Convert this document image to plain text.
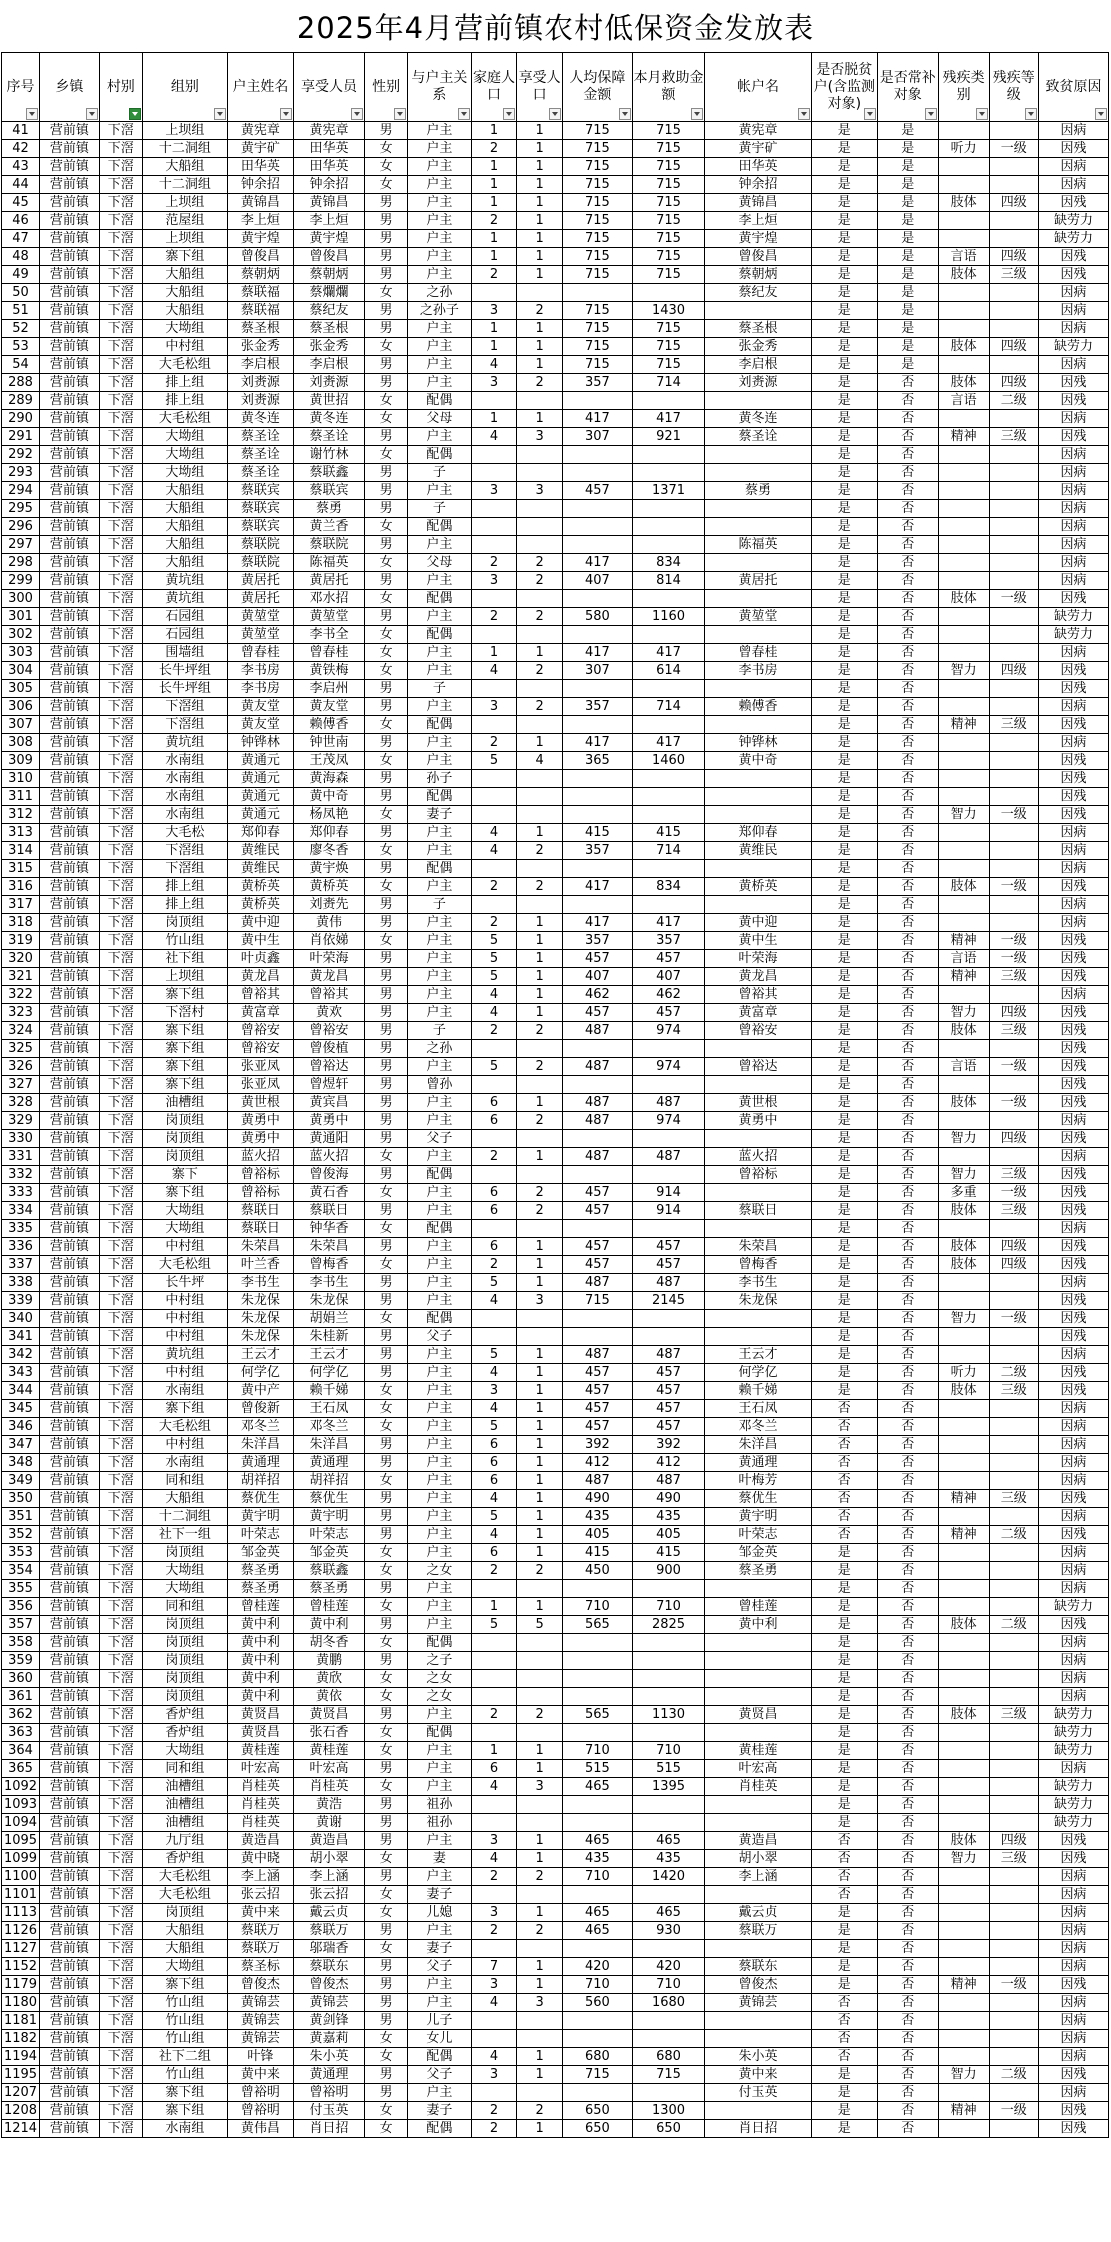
2025年4月营前镇农村低保资金发放表
序号	乡镇	村别	组别	户主姓名	享受人员	性别	与户主关系	家庭人口	享受人口	人均保障金额	本月救助金额	帐户名	是否脱贫户(含监测对象)	是否常补对象	残疾类别	残疾等级	致贫原因

41	营前镇	下滘	上坝组	黄宪章	黄宪章	男	户主	1	1	715	715	黄宪章	是	是			因病
42	营前镇	下滘	十二洞组	黄宇矿	田华英	女	户主	2	1	715	715	黄宇矿	是	是	听力	一级	因残
43	营前镇	下滘	大船组	田华英	田华英	女	户主	1	1	715	715	田华英	是	是			因病
44	营前镇	下滘	十二洞组	钟余招	钟余招	女	户主	1	1	715	715	钟余招	是	是			因病
45	营前镇	下滘	上坝组	黄锦昌	黄锦昌	男	户主	1	1	715	715	黄锦昌	是	是	肢体	四级	因残
46	营前镇	下滘	范屋组	李上烜	李上烜	男	户主	2	1	715	715	李上烜	是	是			缺劳力
47	营前镇	下滘	上坝组	黄宇煌	黄宇煌	男	户主	1	1	715	715	黄宇煌	是	是			缺劳力
48	营前镇	下滘	寨下组	曾俊昌	曾俊昌	男	户主	1	1	715	715	曾俊昌	是	是	言语	四级	因残
49	营前镇	下滘	大船组	蔡朝炳	蔡朝炳	男	户主	2	1	715	715	蔡朝炳	是	是	肢体	三级	因残
50	营前镇	下滘	大船组	蔡联福	蔡爛爛	女	之孙					蔡纪友	是	是			因病
51	营前镇	下滘	大船组	蔡联福	蔡纪友	男	之孙子	3	2	715	1430		是	是			因病
52	营前镇	下滘	大坳组	蔡圣根	蔡圣根	男	户主	1	1	715	715	蔡圣根	是	是			因病
53	营前镇	下滘	中村组	张金秀	张金秀	女	户主	1	1	715	715	张金秀	是	是	肢体	四级	缺劳力
54	营前镇	下滘	大毛松组	李启根	李启根	男	户主	4	1	715	715	李启根	是	是			因病
288	营前镇	下滘	排上组	刘赉源	刘赉源	男	户主	3	2	357	714	刘赉源	是	否	肢体	四级	因残
289	营前镇	下滘	排上组	刘赉源	黄世招	女	配偶						是	否	言语	二级	因残
290	营前镇	下滘	大毛松组	黄冬连	黄冬连	女	父母	1	1	417	417	黄冬连	是	否			因病
291	营前镇	下滘	大坳组	蔡圣诠	蔡圣诠	男	户主	4	3	307	921	蔡圣诠	是	否	精神	三级	因残
292	营前镇	下滘	大坳组	蔡圣诠	谢竹林	女	配偶						是	否			因病
293	营前镇	下滘	大坳组	蔡圣诠	蔡联鑫	男	子						是	否			因病
294	营前镇	下滘	大船组	蔡联宾	蔡联宾	男	户主	3	3	457	1371	蔡勇	是	否			因病
295	营前镇	下滘	大船组	蔡联宾	蔡勇	男	子						是	否			因病
296	营前镇	下滘	大船组	蔡联宾	黄兰香	女	配偶						是	否			因病
297	营前镇	下滘	大船组	蔡联院	蔡联院	男	户主					陈福英	是	否			因病
298	营前镇	下滘	大船组	蔡联院	陈福英	女	父母	2	2	417	834		是	否			因病
299	营前镇	下滘	黄坑组	黄居托	黄居托	男	户主	3	2	407	814	黄居托	是	否			因病
300	营前镇	下滘	黄坑组	黄居托	邓水招	女	配偶						是	否	肢体	一级	因残
301	营前镇	下滘	石园组	黄堃堂	黄堃堂	男	户主	2	2	580	1160	黄堃堂	是	否			缺劳力
302	营前镇	下滘	石园组	黄堃堂	李书全	女	配偶						是	否			缺劳力
303	营前镇	下滘	围墙组	曾春桂	曾春桂	女	户主	1	1	417	417	曾春桂	是	否			因病
304	营前镇	下滘	长牛坪组	李书房	黄铁梅	女	户主	4	2	307	614	李书房	是	否	智力	四级	因残
305	营前镇	下滘	长牛坪组	李书房	李启州	男	子						是	否			因残
306	营前镇	下滘	下滘组	黄友堂	黄友堂	男	户主	3	2	357	714	赖傅香	是	否			因病
307	营前镇	下滘	下滘组	黄友堂	赖傅香	女	配偶						是	否	精神	三级	因残
308	营前镇	下滘	黄坑组	钟铧林	钟世南	男	户主	2	1	417	417	钟铧林	是	否			因病
309	营前镇	下滘	水南组	黄通元	王茂凤	女	户主	5	4	365	1460	黄中奇	是	否			因残
310	营前镇	下滘	水南组	黄通元	黄海森	男	孙子						是	否			因残
311	营前镇	下滘	水南组	黄通元	黄中奇	男	配偶						是	否			因残
312	营前镇	下滘	水南组	黄通元	杨凤艳	女	妻子						是	否	智力	一级	因残
313	营前镇	下滘	大毛松	郑仰春	郑仰春	男	户主	4	1	415	415	郑仰春	是	否			因病
314	营前镇	下滘	下滘组	黄维民	廖冬香	女	户主	4	2	357	714	黄维民	是	否			因病
315	营前镇	下滘	下滘组	黄维民	黄宇焕	男	配偶						是	否			因病
316	营前镇	下滘	排上组	黄桥英	黄桥英	女	户主	2	2	417	834	黄桥英	是	否	肢体	一级	因残
317	营前镇	下滘	排上组	黄桥英	刘赉先	男	子						是	否			因病
318	营前镇	下滘	岗顶组	黄中迎	黄伟	男	户主	2	1	417	417	黄中迎	是	否			因病
319	营前镇	下滘	竹山组	黄中生	肖依娣	女	户主	5	1	357	357	黄中生	是	否	精神	一级	因残
320	营前镇	下滘	社下组	叶贞鑫	叶荣海	男	户主	5	1	457	457	叶荣海	是	否	言语	一级	因残
321	营前镇	下滘	上坝组	黄龙昌	黄龙昌	男	户主	5	1	407	407	黄龙昌	是	否	精神	三级	因残
322	营前镇	下滘	寨下组	曾裕其	曾裕其	男	户主	4	1	462	462	曾裕其	是	否			因病
323	营前镇	下滘	下滘村	黄富章	黄欢	男	户主	4	1	457	457	黄富章	是	否	智力	四级	因残
324	营前镇	下滘	寨下组	曾裕安	曾裕安	男	子	2	2	487	974	曾裕安	是	否	肢体	三级	因残
325	营前镇	下滘	寨下组	曾裕安	曾俊植	男	之孙						是	否			因残
326	营前镇	下滘	寨下组	张亚凤	曾裕达	男	户主	5	2	487	974	曾裕达	是	否	言语	一级	因残
327	营前镇	下滘	寨下组	张亚凤	曾煜轩	男	曾孙						是	否			因残
328	营前镇	下滘	油槽组	黄世根	黄宾昌	男	户主	6	1	487	487	黄世根	是	否	肢体	一级	因残
329	营前镇	下滘	岗顶组	黄勇中	黄勇中	男	户主	6	2	487	974	黄勇中	是	否			因病
330	营前镇	下滘	岗顶组	黄勇中	黄通阳	男	父子						是	否	智力	四级	因残
331	营前镇	下滘	岗顶组	蓝火招	蓝火招	女	户主	2	1	487	487	蓝火招	是	否			因病
332	营前镇	下滘	寨下	曾裕标	曾俊海	男	配偶					曾裕标	是	否	智力	三级	因残
333	营前镇	下滘	寨下组	曾裕标	黄石香	女	户主	6	2	457	914		是	否	多重	一级	因残
334	营前镇	下滘	大坳组	蔡联日	蔡联日	男	户主	6	2	457	914	蔡联日	是	否	肢体	三级	因残
335	营前镇	下滘	大坳组	蔡联日	钟华香	女	配偶						是	否			因病
336	营前镇	下滘	中村组	朱荣昌	朱荣昌	男	户主	6	1	457	457	朱荣昌	是	否	肢体	四级	因残
337	营前镇	下滘	大毛松组	叶兰香	曾梅香	女	户主	2	1	457	457	曾梅香	是	否	肢体	四级	因残
338	营前镇	下滘	长牛坪	李书生	李书生	男	户主	5	1	487	487	李书生	是	否			因病
339	营前镇	下滘	中村组	朱龙保	朱龙保	男	户主	4	3	715	2145	朱龙保	是	否			因残
340	营前镇	下滘	中村组	朱龙保	胡娟兰	女	配偶						是	否	智力	一级	因残
341	营前镇	下滘	中村组	朱龙保	朱桂新	男	父子						是	否			因残
342	营前镇	下滘	黄坑组	王云才	王云才	男	户主	5	1	487	487	王云才	是	否			因病
343	营前镇	下滘	中村组	何学亿	何学亿	男	户主	4	1	457	457	何学亿	是	否	听力	二级	因残
344	营前镇	下滘	水南组	黄中产	赖千娣	女	户主	3	1	457	457	赖千娣	是	否	肢体	三级	因残
345	营前镇	下滘	寨下组	曾俊新	王石凤	女	户主	4	1	457	457	王石凤	否	否			因病
346	营前镇	下滘	大毛松组	邓冬兰	邓冬兰	女	户主	5	1	457	457	邓冬兰	否	否			因病
347	营前镇	下滘	中村组	朱洋昌	朱洋昌	男	户主	6	1	392	392	朱洋昌	否	否			因病
348	营前镇	下滘	水南组	黄通理	黄通理	男	户主	6	1	412	412	黄通理	否	否			因病
349	营前镇	下滘	同和组	胡祥招	胡祥招	女	户主	6	1	487	487	叶梅芳	否	否			因病
350	营前镇	下滘	大船组	蔡优生	蔡优生	男	户主	4	1	490	490	蔡优生	否	否	精神	三级	因残
351	营前镇	下滘	十二洞组	黄宇明	黄宇明	男	户主	5	1	435	435	黄宇明	否	否			因病
352	营前镇	下滘	社下一组	叶荣志	叶荣志	男	户主	4	1	405	405	叶荣志	否	否	精神	二级	因残
353	营前镇	下滘	岗顶组	邹金英	邹金英	女	户主	6	1	415	415	邹金英	是	否			因病
354	营前镇	下滘	大坳组	蔡圣勇	蔡联鑫	女	之女	2	2	450	900	蔡圣勇	是	否			因病
355	营前镇	下滘	大坳组	蔡圣勇	蔡圣勇	男	户主						是	否			因病
356	营前镇	下滘	同和组	曾桂莲	曾桂莲	女	户主	1	1	710	710	曾桂莲	是	否			缺劳力
357	营前镇	下滘	岗顶组	黄中利	黄中利	男	户主	5	5	565	2825	黄中利	是	否	肢体	二级	因残
358	营前镇	下滘	岗顶组	黄中利	胡冬香	女	配偶						是	否			因病
359	营前镇	下滘	岗顶组	黄中利	黄鹏	男	之子						是	否			因病
360	营前镇	下滘	岗顶组	黄中利	黄欣	女	之女						是	否			因病
361	营前镇	下滘	岗顶组	黄中利	黄依	女	之女						是	否			因病
362	营前镇	下滘	香炉组	黄贤昌	黄贤昌	男	户主	2	2	565	1130	黄贤昌	是	否	肢体	三级	缺劳力
363	营前镇	下滘	香炉组	黄贤昌	张石香	女	配偶						是	否			缺劳力
364	营前镇	下滘	大坳组	黄桂莲	黄桂莲	女	户主	1	1	710	710	黄桂莲	是	否			缺劳力
365	营前镇	下滘	同和组	叶宏高	叶宏高	男	户主	6	1	515	515	叶宏高	是	否			因病
1092	营前镇	下滘	油槽组	肖桂英	肖桂英	女	户主	4	3	465	1395	肖桂英	是	否			缺劳力
1093	营前镇	下滘	油槽组	肖桂英	黄浩	男	祖孙						是	否			缺劳力
1094	营前镇	下滘	油槽组	肖桂英	黄谢	男	祖孙						是	否			缺劳力
1095	营前镇	下滘	九厅组	黄造昌	黄造昌	男	户主	3	1	465	465	黄造昌	否	否	肢体	四级	因残
1099	营前镇	下滘	香炉组	黄中晓	胡小翠	女	妻	4	1	435	435	胡小翠	否	否	智力	三级	因残
1100	营前镇	下滘	大毛松组	李上涵	李上涵	男	户主	2	2	710	1420	李上涵	否	否			因病
1101	营前镇	下滘	大毛松组	张云招	张云招	女	妻子						否	否			因病
1113	营前镇	下滘	岗顶组	黄中来	戴云贞	女	儿媳	3	1	465	465	戴云贞	是	否			因病
1126	营前镇	下滘	大船组	蔡联万	蔡联万	男	户主	2	2	465	930	蔡联万	是	否			因病
1127	营前镇	下滘	大船组	蔡联万	邬瑞香	女	妻子						是	否			因病
1152	营前镇	下滘	大坳组	蔡圣标	蔡联东	男	父子	7	1	420	420	蔡联东	是	否			因病
1179	营前镇	下滘	寨下组	曾俊杰	曾俊杰	男	户主	3	1	710	710	曾俊杰	是	否	精神	一级	因残
1180	营前镇	下滘	竹山组	黄锦芸	黄锦芸	男	户主	4	3	560	1680	黄锦芸	否	否			因病
1181	营前镇	下滘	竹山组	黄锦芸	黄剑锋	男	儿子						否	否			因病
1182	营前镇	下滘	竹山组	黄锦芸	黄嘉莉	女	女儿						否	否			因病
1194	营前镇	下滘	社下二组	叶锋	朱小英	女	配偶	4	1	680	680	朱小英	否	否			因病
1195	营前镇	下滘	竹山组	黄中来	黄通理	男	父子	3	1	715	715	黄中来	是	否	智力	二级	因残
1207	营前镇	下滘	寨下组	曾裕明	曾裕明	男	户主					付玉英	是	否			因病
1208	营前镇	下滘	寨下组	曾裕明	付玉英	女	妻子	2	2	650	1300		是	否	精神	一级	因残
1214	营前镇	下滘	水南组	黄伟昌	肖日招	女	配偶	2	1	650	650	肖日招	是	否			因残
